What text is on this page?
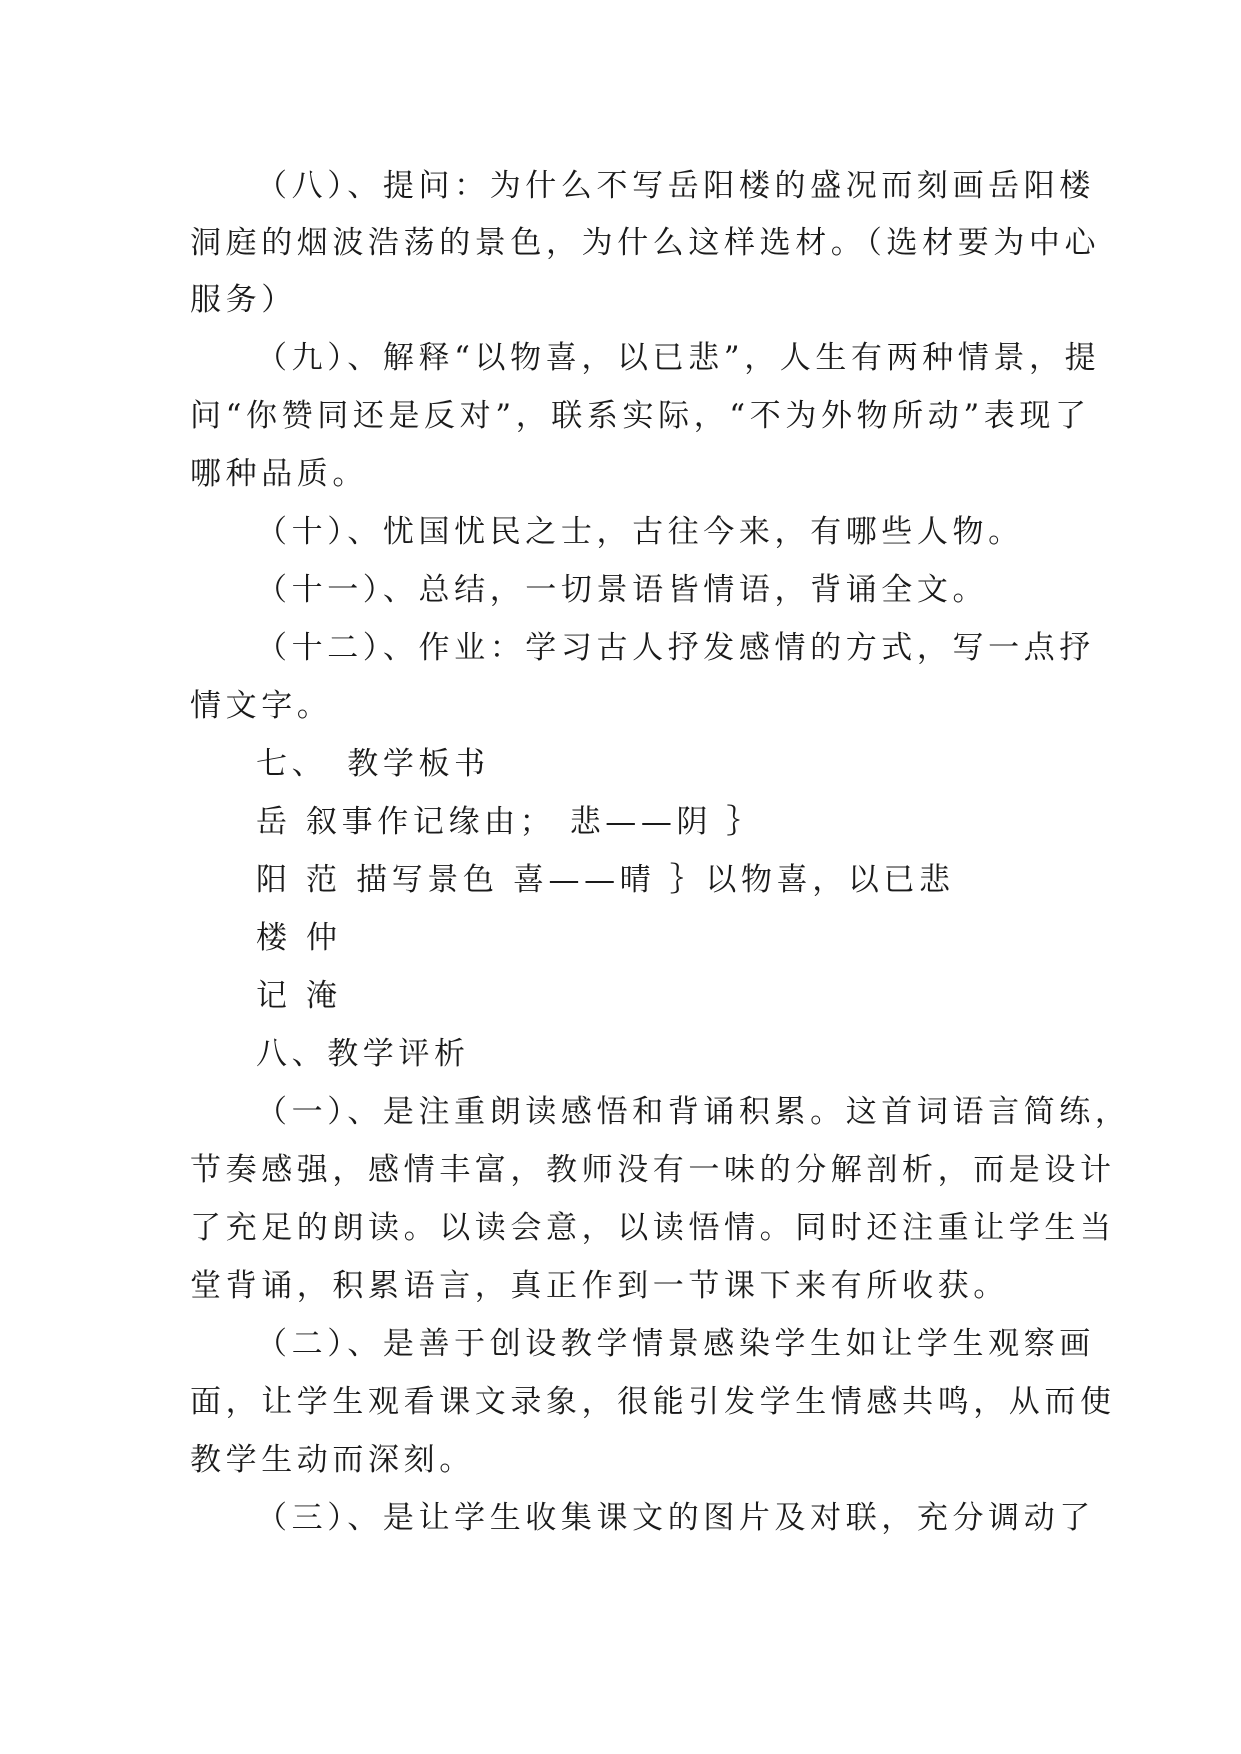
（八）、提问：为什么不写岳阳楼的盛况而刻画岳阳楼
洞庭的烟波浩荡的景色，为什么这样选材。（选材要为中心
服务）
（九）、解释“以物喜，以已悲”，人生有两种情景，提
问“你赞同还是反对”，联系实际，“不为外物所动”表现了
哪种品质。
（十）、忧国忧民之士，古往今来，有哪些人物。
（十一）、总结，一切景语皆情语，背诵全文。
（十二）、作业：学习古人抒发感情的方式，写一点抒
情文字。
七、　教学板书
岳 叙事作记缘由； 悲——阴 ｝
阳 范 描写景色 喜——晴 ｝以物喜，以已悲
楼 仲
记 淹
八、教学评析
（一）、是注重朗读感悟和背诵积累。这首词语言简练，
节奏感强，感情丰富，教师没有一味的分解剖析，而是设计
了充足的朗读。以读会意，以读悟情。同时还注重让学生当
堂背诵，积累语言，真正作到一节课下来有所收获。
（二）、是善于创设教学情景感染学生如让学生观察画
面，让学生观看课文录象，很能引发学生情感共鸣，从而使
教学生动而深刻。
（三）、是让学生收集课文的图片及对联，充分调动了
